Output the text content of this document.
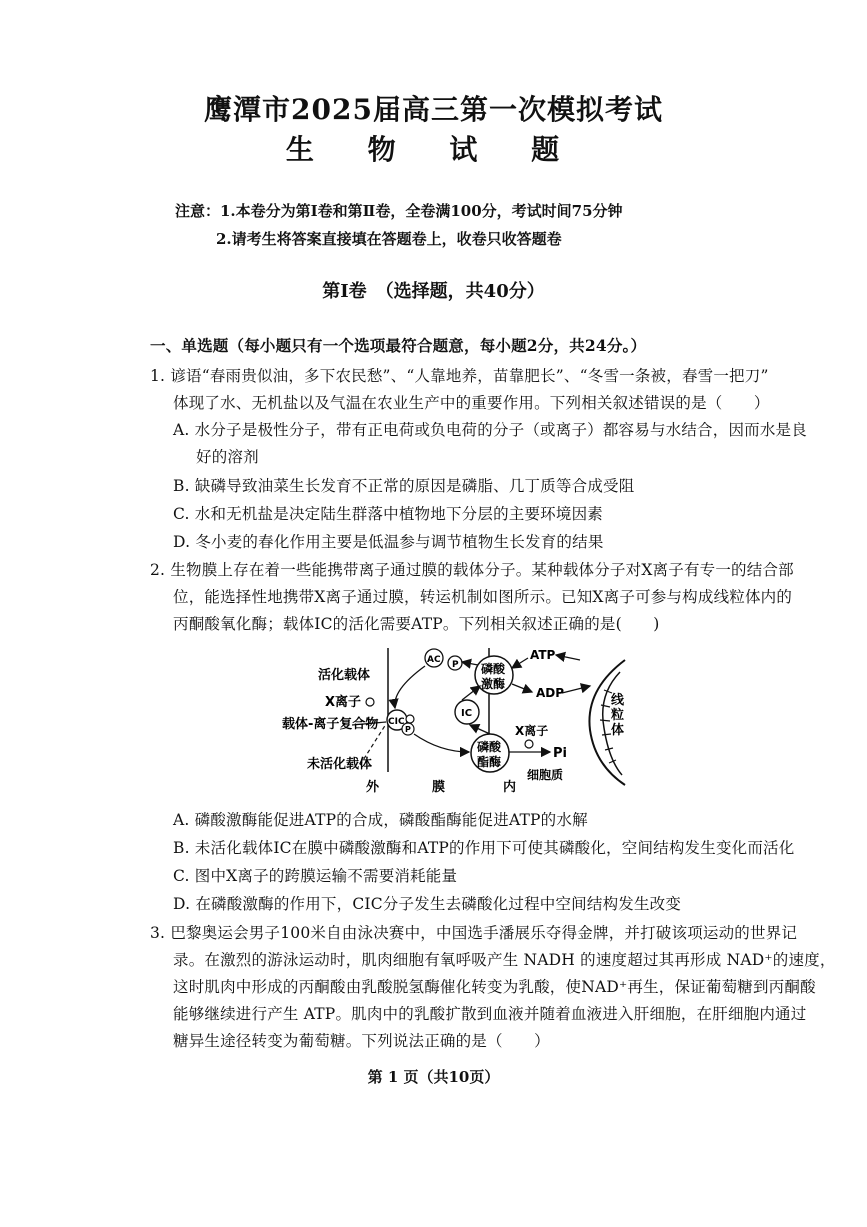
鹰潭市2025届高三第一次模拟考试
生 物 试 题
注意：1.本卷分为第Ⅰ卷和第Ⅱ卷，全卷满100分，考试时间75分钟
2.请考生将答案直接填在答题卷上，收卷只收答题卷
第Ⅰ卷　（选择题，共40分）
一、单选题（每小题只有一个选项最符合题意，每小题2分，共24分。）
1. 谚语“春雨贵似油，多下农民愁”、“人靠地养，苗靠肥长”、“冬雪一条被，春雪一把刀”
体现了水、无机盐以及气温在农业生产中的重要作用。下列相关叙述错误的是（　　）
A. 水分子是极性分子，带有正电荷或负电荷的分子（或离子）都容易与水结合，因而水是良
好的溶剂
B. 缺磷导致油菜生长发育不正常的原因是磷脂、几丁质等合成受阻
C. 水和无机盐是决定陆生群落中植物地下分层的主要环境因素
D. 冬小麦的春化作用主要是低温参与调节植物生长发育的结果
2. 生物膜上存在着一些能携带离子通过膜的载体分子。某种载体分子对X离子有专一的结合部
位，能选择性地携带X离子通过膜，转运机制如图所示。已知X离子可参与构成线粒体内的
丙酮酸氧化酶；载体IC的活化需要ATP。下列相关叙述正确的是(　　)
活化载体
X离子
载体-离子复合物
未活化载体
外	膜	内
磷酸
激酶
磷酸
酯酶
ATP
ADP
Pi
X离子
细胞质
线
粒
体
AC P
IC
CIC
P
A. 磷酸激酶能促进ATP的合成，磷酸酯酶能促进ATP的水解
B. 未活化载体IC在膜中磷酸激酶和ATP的作用下可使其磷酸化，空间结构发生变化而活化
C. 图中X离子的跨膜运输不需要消耗能量
D. 在磷酸激酶的作用下，CIC分子发生去磷酸化过程中空间结构发生改变
3. 巴黎奥运会男子100米自由泳决赛中，中国选手潘展乐夺得金牌，并打破该项运动的世界记
录。在激烈的游泳运动时，肌肉细胞有氧呼吸产生 NADH 的速度超过其再形成 NAD⁺的速度，
这时肌肉中形成的丙酮酸由乳酸脱氢酶催化转变为乳酸，使NAD⁺再生，保证葡萄糖到丙酮酸
能够继续进行产生 ATP。肌肉中的乳酸扩散到血液并随着血液进入肝细胞，在肝细胞内通过
糖异生途径转变为葡萄糖。下列说法正确的是（　　）
第 1 页（共10页）
